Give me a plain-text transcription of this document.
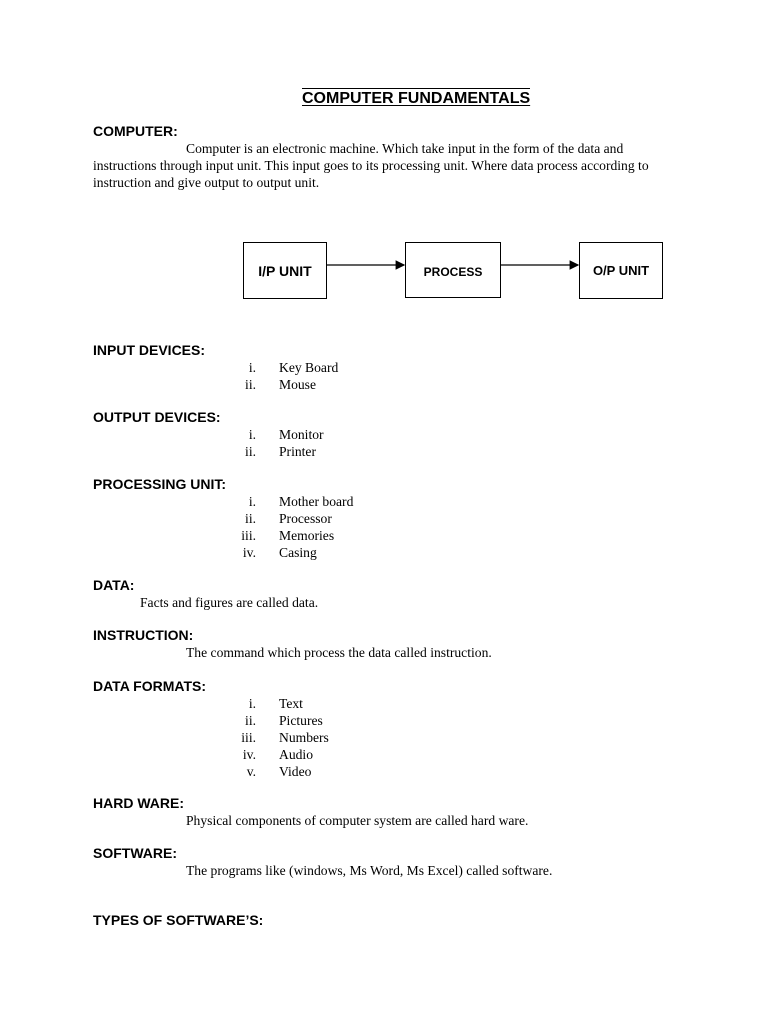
COMPUTER FUNDAMENTALS
COMPUTER:
Computer is an electronic machine. Which take input in the form of the data and instructions through input unit. This input goes to its processing unit. Where data process according to instruction and give output to output unit.
I/P UNIT	PROCESS	O/P UNIT
INPUT DEVICES:
i. Key Board
ii. Mouse
OUTPUT DEVICES:
i. Monitor
ii. Printer
PROCESSING UNIT:
i. Mother board
ii. Processor
iii. Memories
iv. Casing
DATA:
Facts and figures are called data.
INSTRUCTION:
The command which process the data called instruction.
DATA FORMATS:
i. Text
ii. Pictures
iii. Numbers
iv. Audio
v. Video
HARD WARE:
Physical components of computer system are called hard ware.
SOFTWARE:
The programs like (windows, Ms Word, Ms Excel) called software.
TYPES OF SOFTWARE’S:
